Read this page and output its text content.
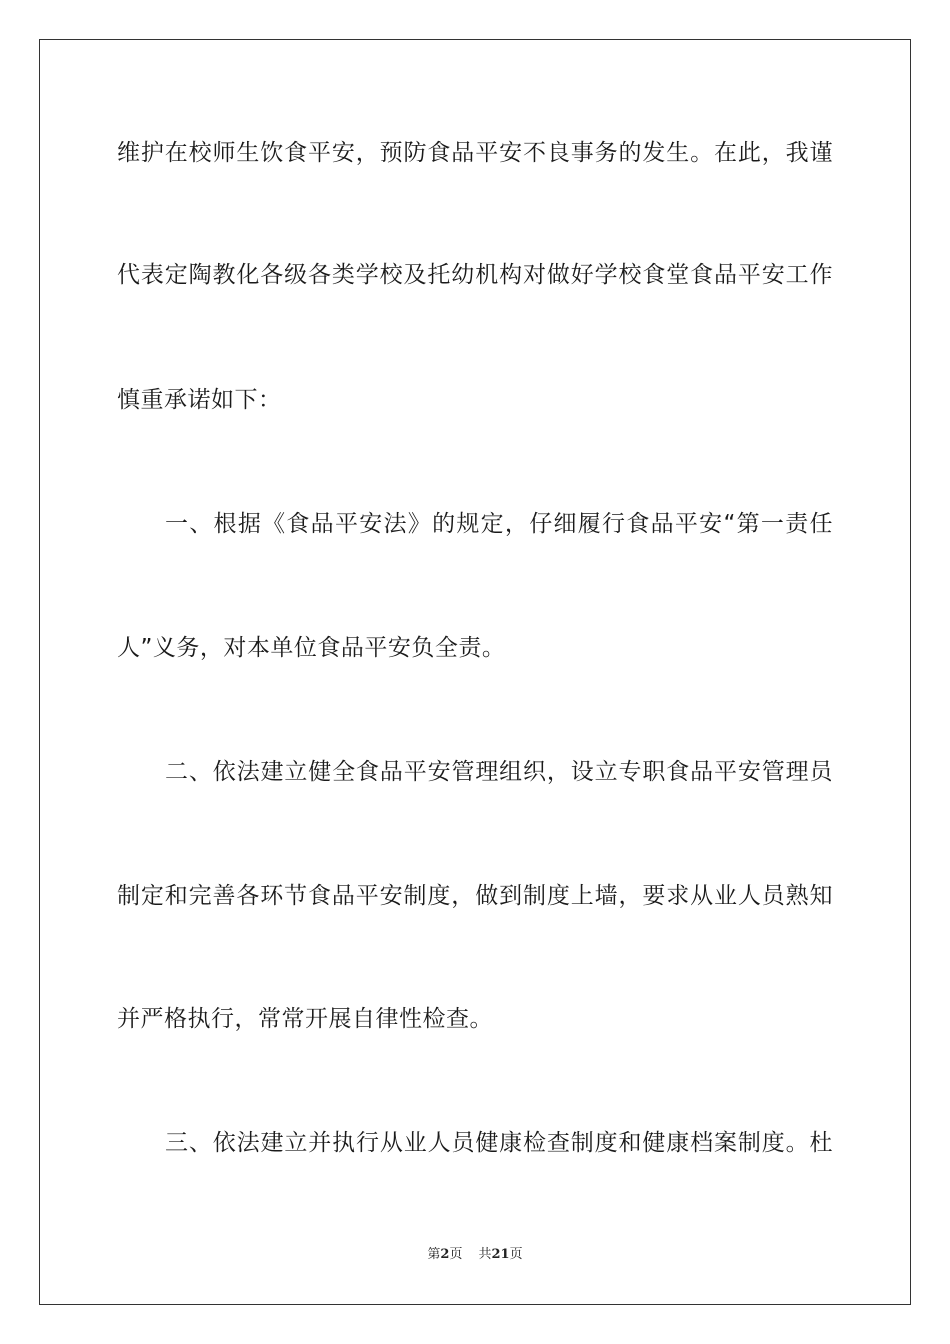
维护在校师生饮食平安，预防食品平安不良事务的发生。在此，我谨
代表定陶教化各级各类学校及托幼机构对做好学校食堂食品平安工作
慎重承诺如下：
一、根据《食品平安法》的规定，仔细履行食品平安“第一责任
人”义务，对本单位食品平安负全责。
二、依法建立健全食品平安管理组织，设立专职食品平安管理员
制定和完善各环节食品平安制度，做到制度上墙，要求从业人员熟知
并严格执行，常常开展自律性检查。
三、依法建立并执行从业人员健康检查制度和健康档案制度。杜
第2页 共21页
